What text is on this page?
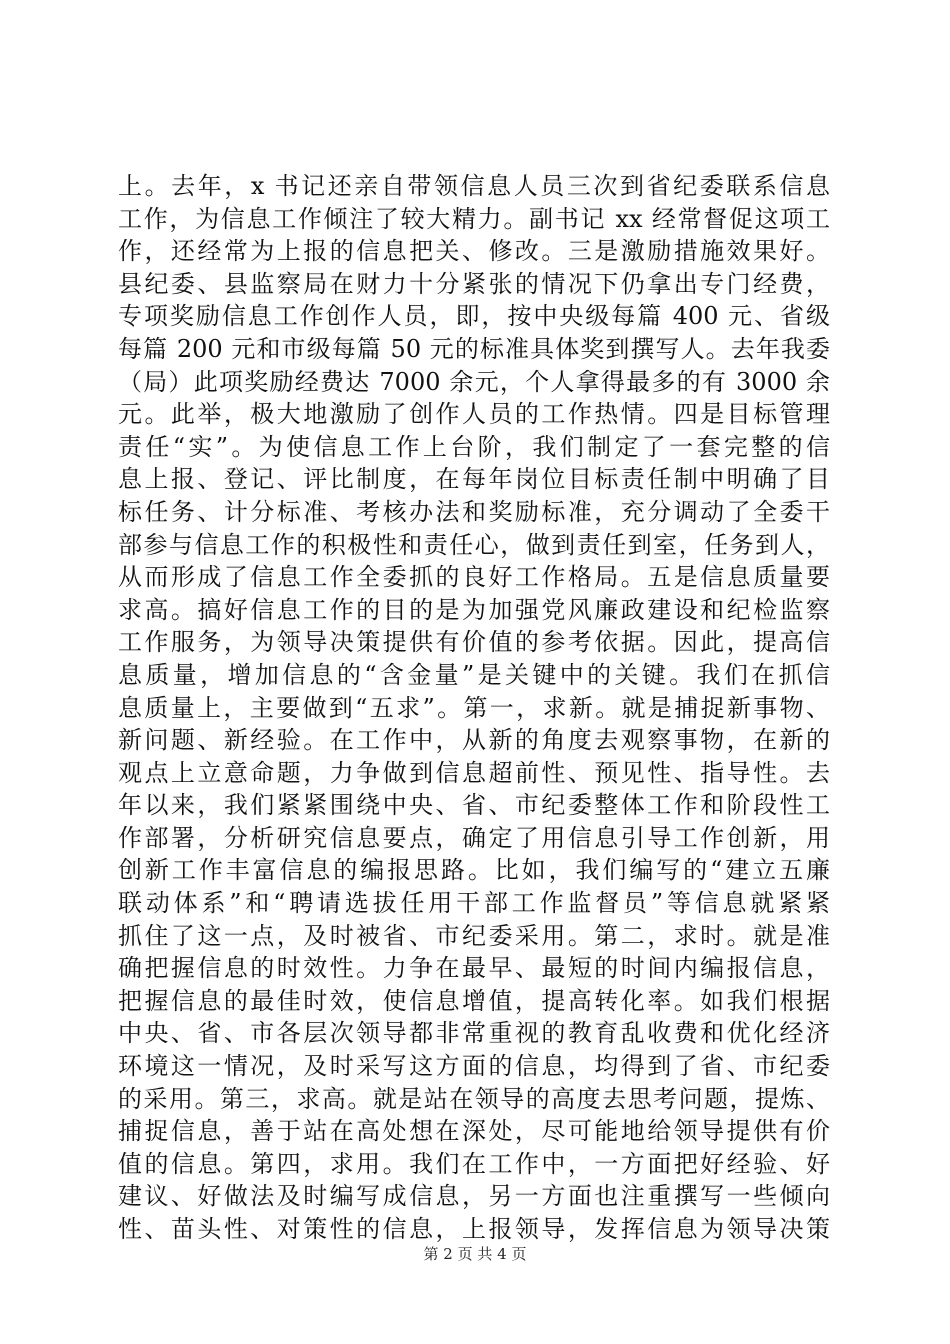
上。去年，x 书记还亲自带领信息人员三次到省纪委联系信息
工作，为信息工作倾注了较大精力。副书记 xx 经常督促这项工
作，还经常为上报的信息把关、修改。三是激励措施效果好。
县纪委、县监察局在财力十分紧张的情况下仍拿出专门经费，
专项奖励信息工作创作人员，即，按中央级每篇 400 元、省级
每篇 200 元和市级每篇 50 元的标准具体奖到撰写人。去年我委
（局）此项奖励经费达 7000 余元，个人拿得最多的有 3000 余
元。此举，极大地激励了创作人员的工作热情。四是目标管理
责任“实”。为使信息工作上台阶，我们制定了一套完整的信
息上报、登记、评比制度，在每年岗位目标责任制中明确了目
标任务、计分标准、考核办法和奖励标准，充分调动了全委干
部参与信息工作的积极性和责任心，做到责任到室，任务到人，
从而形成了信息工作全委抓的良好工作格局。五是信息质量要
求高。搞好信息工作的目的是为加强党风廉政建设和纪检监察
工作服务，为领导决策提供有价值的参考依据。因此，提高信
息质量，增加信息的“含金量”是关键中的关键。我们在抓信
息质量上，主要做到“五求”。第一，求新。就是捕捉新事物、
新问题、新经验。在工作中，从新的角度去观察事物，在新的
观点上立意命题，力争做到信息超前性、预见性、指导性。去
年以来，我们紧紧围绕中央、省、市纪委整体工作和阶段性工
作部署，分析研究信息要点，确定了用信息引导工作创新，用
创新工作丰富信息的编报思路。比如，我们编写的“建立五廉
联动体系”和“聘请选拔任用干部工作监督员”等信息就紧紧
抓住了这一点，及时被省、市纪委采用。第二，求时。就是准
确把握信息的时效性。力争在最早、最短的时间内编报信息，
把握信息的最佳时效，使信息增值，提高转化率。如我们根据
中央、省、市各层次领导都非常重视的教育乱收费和优化经济
环境这一情况，及时采写这方面的信息，均得到了省、市纪委
的采用。第三，求高。就是站在领导的高度去思考问题，提炼、
捕捉信息，善于站在高处想在深处，尽可能地给领导提供有价
值的信息。第四，求用。我们在工作中，一方面把好经验、好
建议、好做法及时编写成信息，另一方面也注重撰写一些倾向
性、苗头性、对策性的信息，上报领导，发挥信息为领导决策
第 2 页 共 4 页
